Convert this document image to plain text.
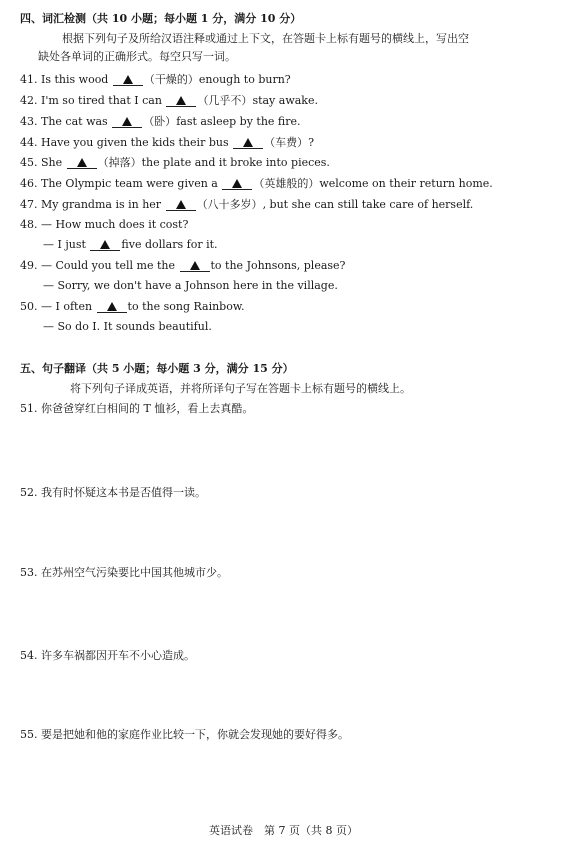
四、词汇检测（共 10 小题；每小题 1 分，满分 10 分）
根据下列句子及所给汉语注释或通过上下文，在答题卡上标有题号的横线上，写出空
缺处各单词的正确形式。每空只写一词。
41. Is this wood	（干燥的）enough to burn?
42. I'm so tired that I can	（几乎不）stay awake.
43. The cat was	（卧）fast asleep by the fire.
44. Have you given the kids their bus	（车费）?
45. She	（掉落）the plate and it broke into pieces.
46. The Olympic team were given a	（英雄般的）welcome on their return home.
47. My grandma is in her	（八十多岁）, but she can still take care of herself.
48. — How much does it cost?
— I just	five dollars for it.
49. — Could you tell me the	to the Johnsons, please?
— Sorry, we don't have a Johnson here in the village.
50. — I often	to the song Rainbow.
— So do I. It sounds beautiful.
五、句子翻译（共 5 小题；每小题 3 分，满分 15 分）
将下列句子译成英语，并将所译句子写在答题卡上标有题号的横线上。
51. 你爸爸穿红白相间的 T 恤衫，看上去真酷。
52. 我有时怀疑这本书是否值得一读。
53. 在苏州空气污染要比中国其他城市少。
54. 许多车祸都因开车不小心造成。
55. 要是把她和他的家庭作业比较一下，你就会发现她的要好得多。
英语试卷　第 7 页（共 8 页）
